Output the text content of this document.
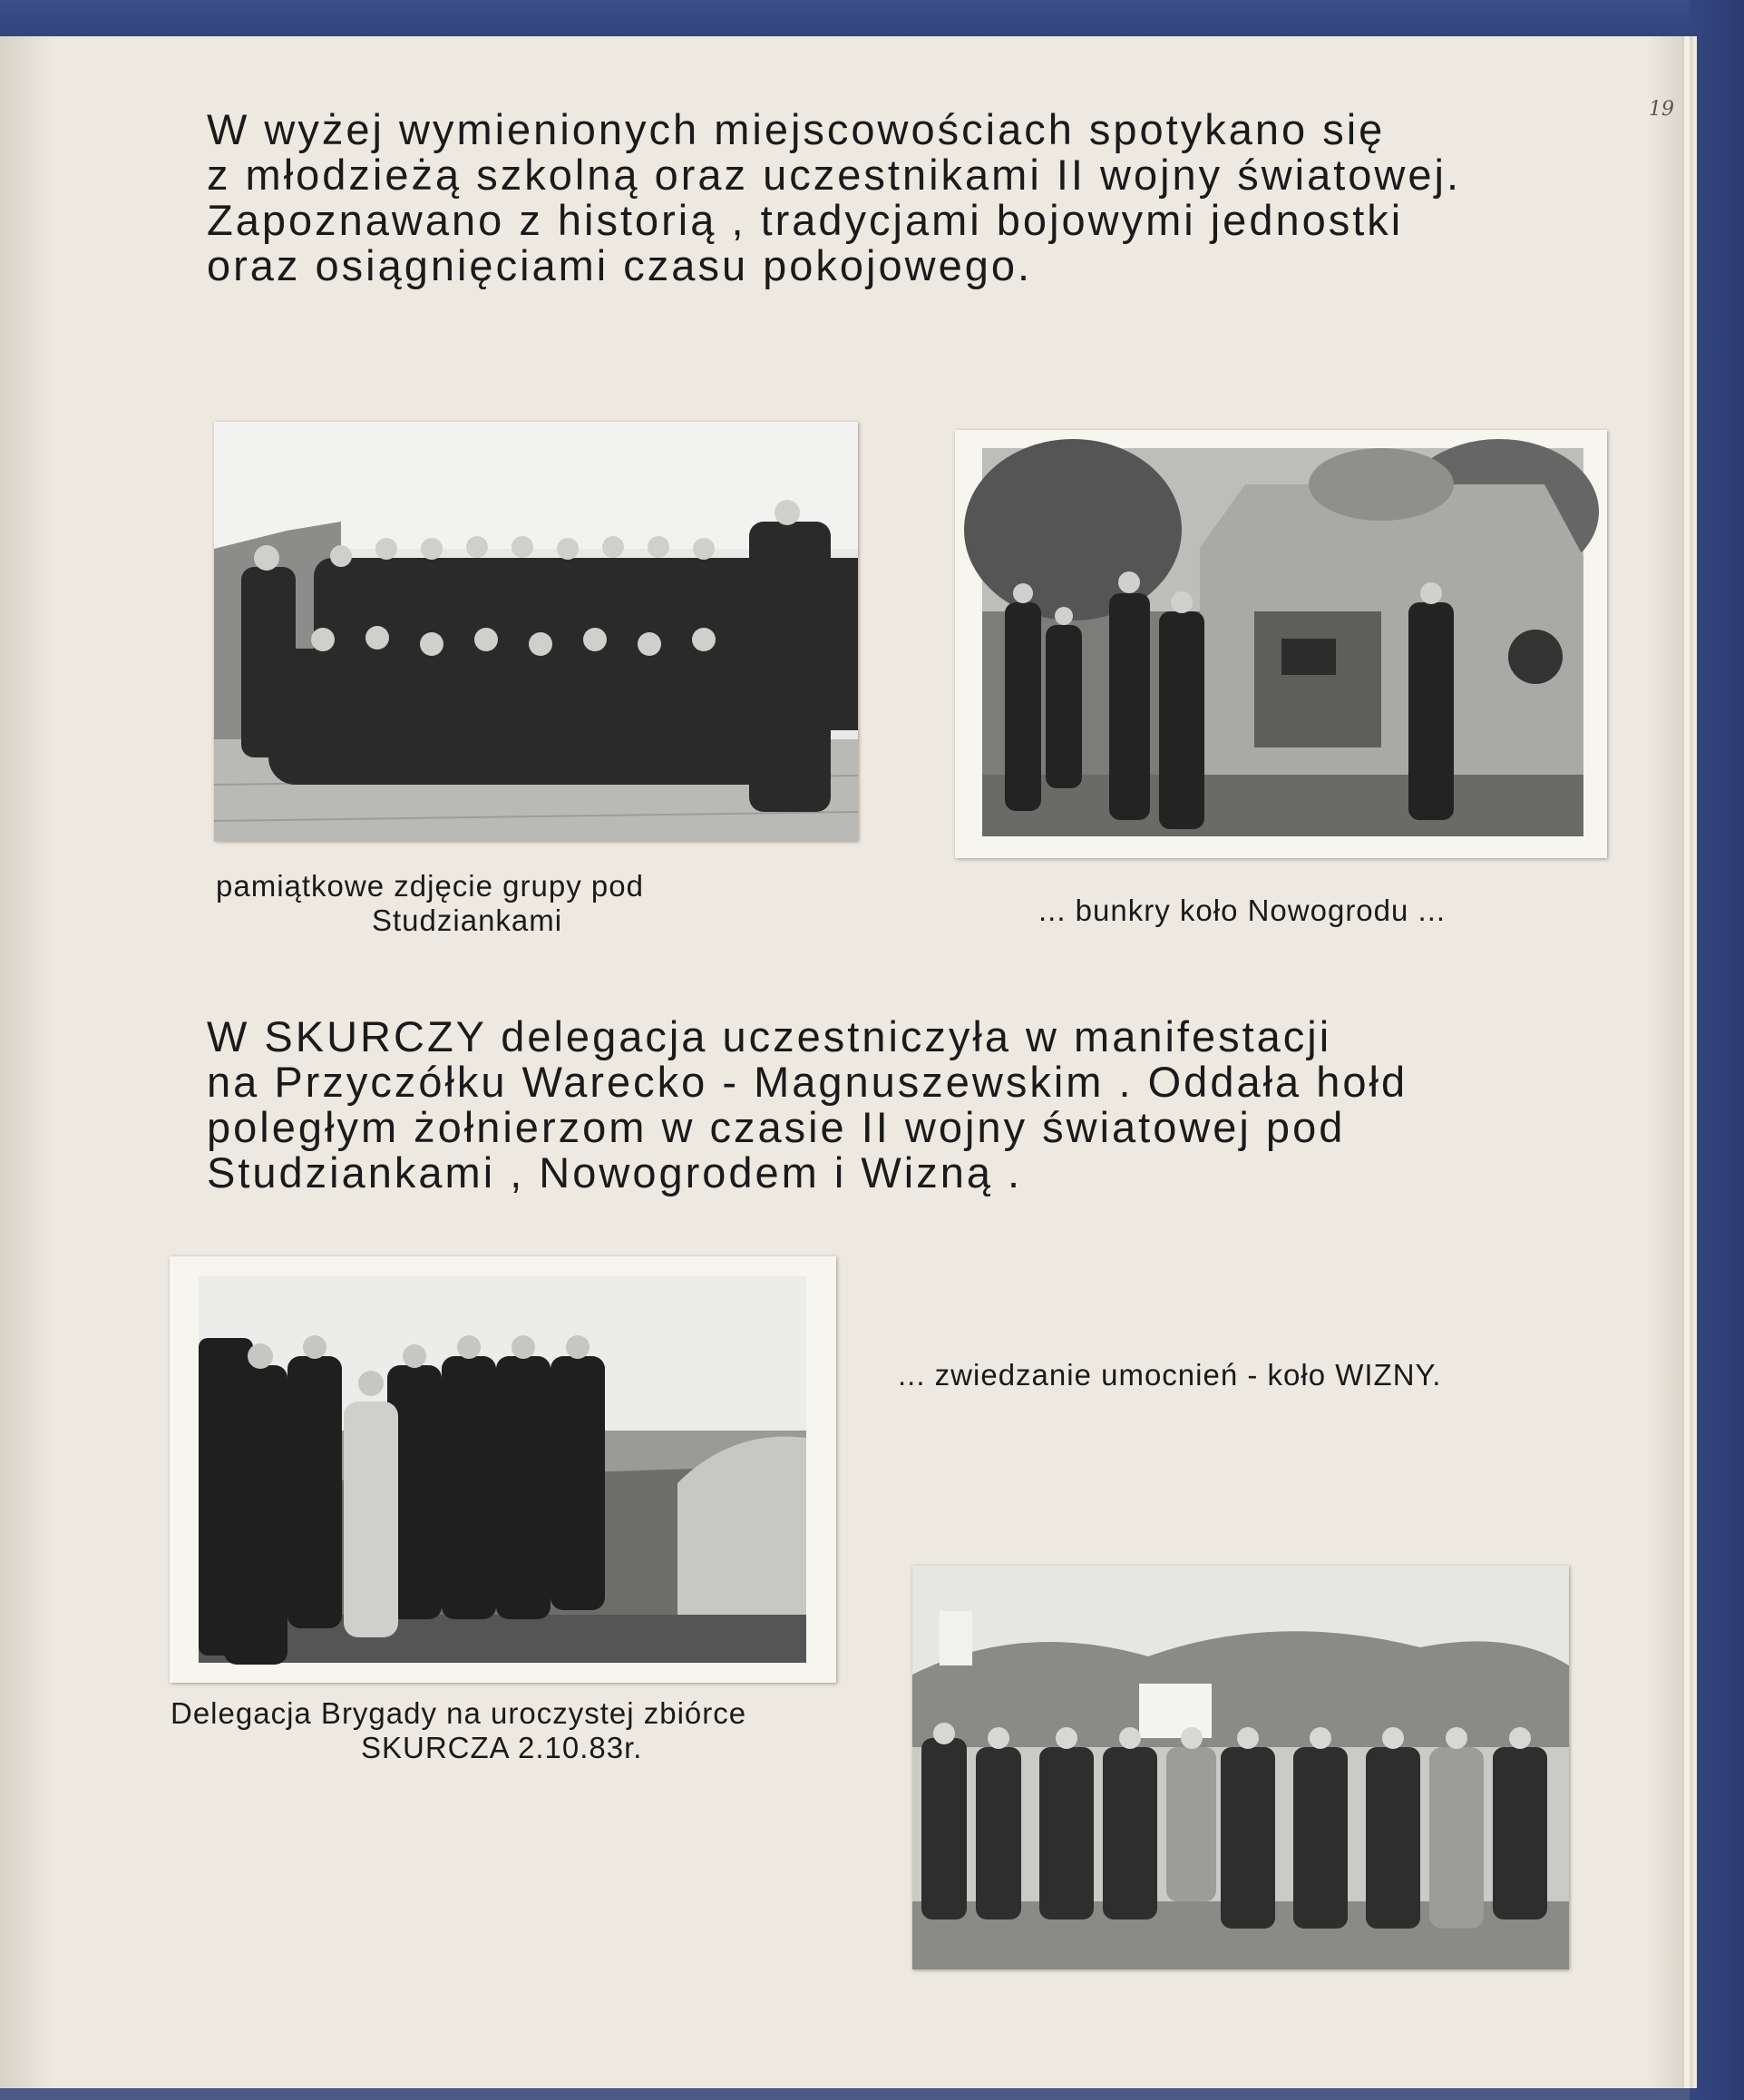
19
W wyżej wymienionych miejscowościach spotykano się
z młodzieżą szkolną oraz uczestnikami II wojny światowej.
Zapoznawano z historią , tradycjami bojowymi jednostki
oraz osiągnięciami czasu pokojowego.
pamiątkowe zdjęcie grupy pod
Studziankami	... bunkry koło Nowogrodu ...
W SKURCZY delegacja uczestniczyła w manifestacji
na Przyczółku Warecko - Magnuszewskim . Oddała hołd
poległym żołnierzom w czasie II wojny światowej pod
Studziankami , Nowogrodem i Wizną .
... zwiedzanie umocnień - koło WIZNY.
Delegacja Brygady na uroczystej zbiórce
SKURCZA 2.10.83r.
